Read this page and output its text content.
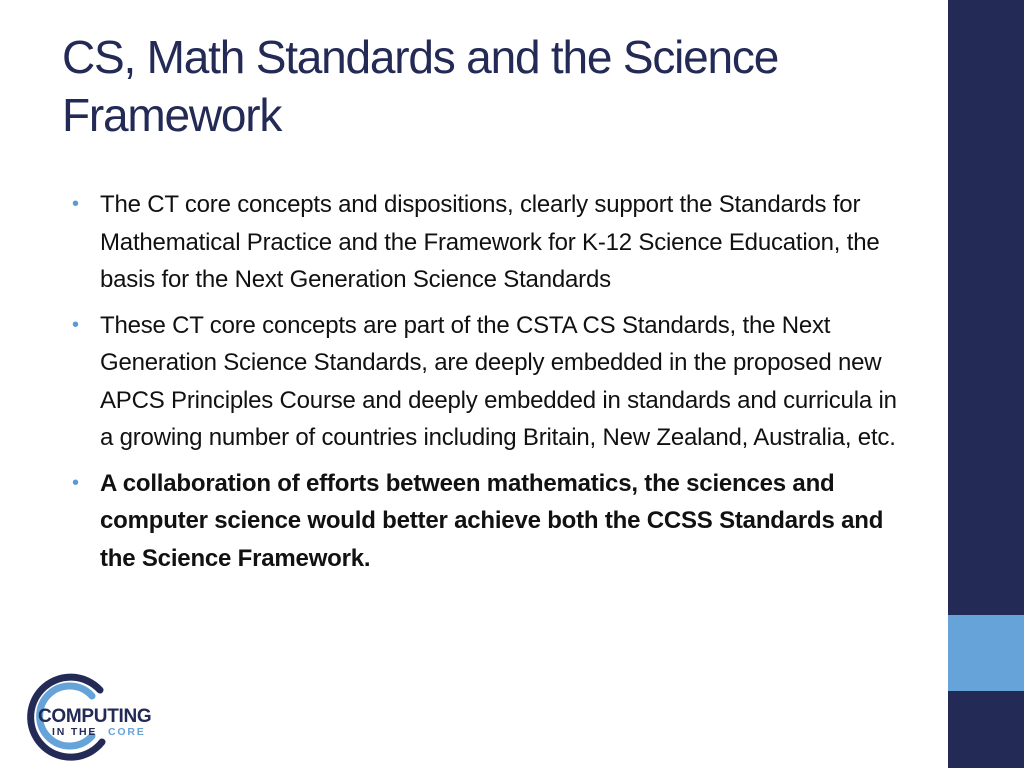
CS, Math Standards and the Science Framework
• The CT core concepts and dispositions, clearly support the Standards for Mathematical Practice and the Framework for K-12 Science Education, the basis for the Next Generation Science Standards
• These CT core concepts are part of the CSTA CS Standards, the Next Generation Science Standards, are deeply embedded in the proposed new APCS Principles Course and deeply embedded in standards and curricula in a growing number of countries including Britain, New Zealand, Australia, etc.
• A collaboration of efforts between mathematics, the sciences and computer science would better achieve both the CCSS Standards and the Science Framework.
COMPUTING
IN THE CORE
